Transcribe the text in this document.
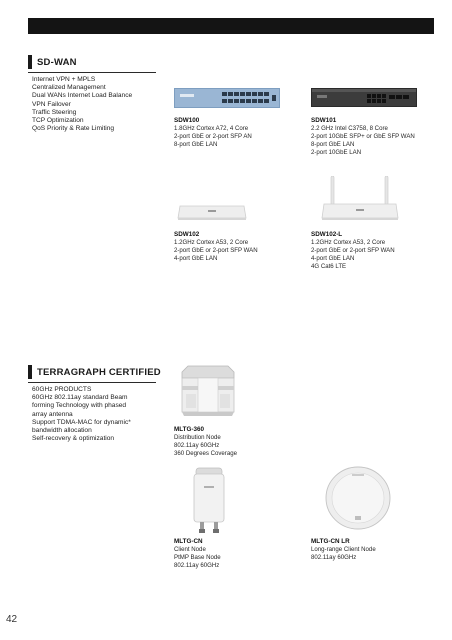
SD-WAN
Internet VPN + MPLS
Centralized Management
Dual WANs Internet Load Balance
VPN Failover
Traffic Steering
TCP Optimization
QoS Priority & Rate Limiting
SDW100
1.8GHz Cortex A72, 4 Core
2-port GbE or 2-port SFP AN
8-port GbE LAN
SDW101
2.2 GHz Intel C3758, 8 Core
2-port 10GbE SFP+ or GbE SFP WAN
8-port GbE LAN
2-port 10GbE LAN
SDW102
1.2GHz Cortex A53, 2 Core
2-port GbE or 2-port SFP WAN
4-port GbE LAN
SDW102-L
1.2GHz Cortex A53, 2 Core
2-port GbE or 2-port SFP WAN
4-port GbE LAN
4G Cat6 LTE
TERRAGRAPH CERTIFIED
60GHz PRODUCTS
60GHz 802.11ay standard Beam
forming Technology with phased
array antenna
Support TDMA-MAC for dynamic*
bandwidth allocation
Self-recovery & optimization
MLTG-360
Distribution Node
802.11ay 60GHz
360 Degrees Coverage
MLTG-CN
Client Node
PtMP Base Node
802.11ay 60GHz
MLTG-CN LR
Long-range Client Node
802.11ay 60GHz
42
